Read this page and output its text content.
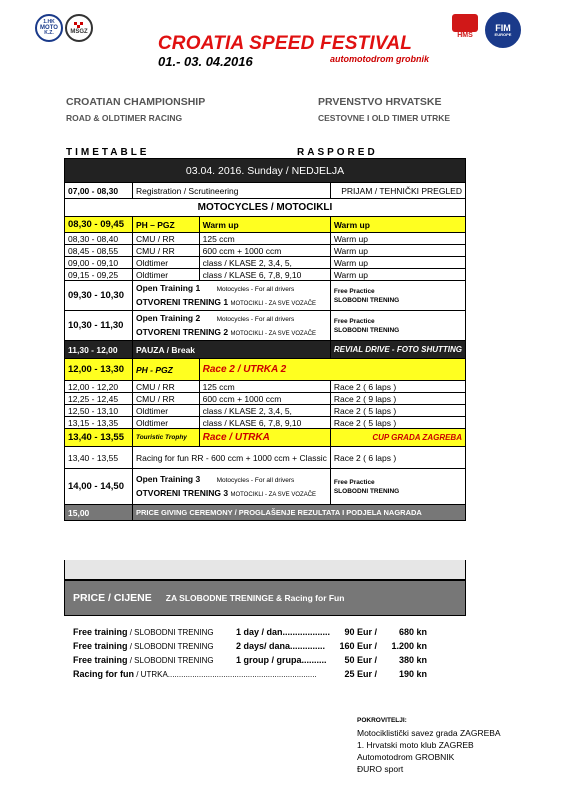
1.HK
MOTO
K.Z.	MSGZ
HMS
FIM
EUROPE
CROATIA SPEED FESTIVAL
01.- 03. 04.2016	automotodrom grobnik
CROATIAN CHAMPIONSHIP
ROAD & OLDTIMER RACING
PRVENSTVO HRVATSKE
CESTOVNE I OLD TIMER UTRKE
TIMETABLE	RASPORED
03.04. 2016. Sunday / NEDJELJA			
07,00 - 08,30	Registration / Scrutineering		PRIJAM / TEHNIČKI PREGLED
MOTOCYCLES / MOTOCIKLI			
08,30 - 09,45	PH – PGZ	Warm up	Warm up
08,30 - 08,40	CMU / RR	125 ccm	Warm up
08,45 - 08,55	CMU / RR	600 ccm + 1000 ccm	Warm up
09,00 - 09,10	Oldtimer	class / KLASE 2, 3,4, 5,	Warm up
09,15 - 09,25	Oldtimer	class / KLASE 6, 7,8, 9,10	Warm up
09,30 - 10,30	Open Training 1 Motocycles - For all drivers
OTVORENI TRENING 1 MOTOCIKLI - ZA SVE VOZAČE		Free Practice
SLOBODNI TRENING
10,30 - 11,30	Open Training 2 Motocycles - For all drivers
OTVORENI TRENING 2 MOTOCIKLI - ZA SVE VOZAČE		Free Practice
SLOBODNI TRENING
11,30 - 12,00	PAUZA / Break		REVIAL DRIVE - FOTO SHUTTING
12,00 - 13,30	PH - PGZ	Race 2 / UTRKA 2	
12,00 - 12,20	CMU / RR	125 ccm	Race 2 ( 6 laps )
12,25 - 12,45	CMU / RR	600 ccm + 1000 ccm	Race 2 ( 9 laps )
12,50 - 13,10	Oldtimer	class / KLASE 2, 3,4, 5,	Race 2 ( 5 laps )
13,15 - 13,35	Oldtimer	class / KLASE 6, 7,8, 9,10	Race 2 ( 5 laps )
13,40 - 13,55	Touristic Trophy	Race / UTRKA	CUP GRADA ZAGREBA
13,40 - 13,55	Racing for fun RR - 600 ccm + 1000 ccm + Classic		Race 2 ( 6 laps )
14,00 - 14,50	Open Training 3 Motocycles - For all drivers
OTVORENI TRENING 3 MOTOCIKLI - ZA SVE VOZAČE		Free Practice
SLOBODNI TRENING
15,00	PRICE GIVING CEREMONY / PROGLAŠENJE REZULTATA I PODJELA NAGRADA		
PRICE / CIJENE ZA SLOBODNE TRENINGE & Racing for Fun
Free training / SLOBODNI TRENING 1 day / dan...................	90 Eur /	680 kn
Free training / SLOBODNI TRENING 2 days/ dana..............	160 Eur /	1.200 kn
Free training / SLOBODNI TRENING 1 group / grupa..........	50 Eur /	380 kn
Racing for fun / UTRKA...................................................................	25 Eur /	190 kn
POKROVITELJI:
Motociklistički savez grada ZAGREBA
1. Hrvatski moto klub ZAGREB
Automotodrom GROBNIK
ĐURO sport
